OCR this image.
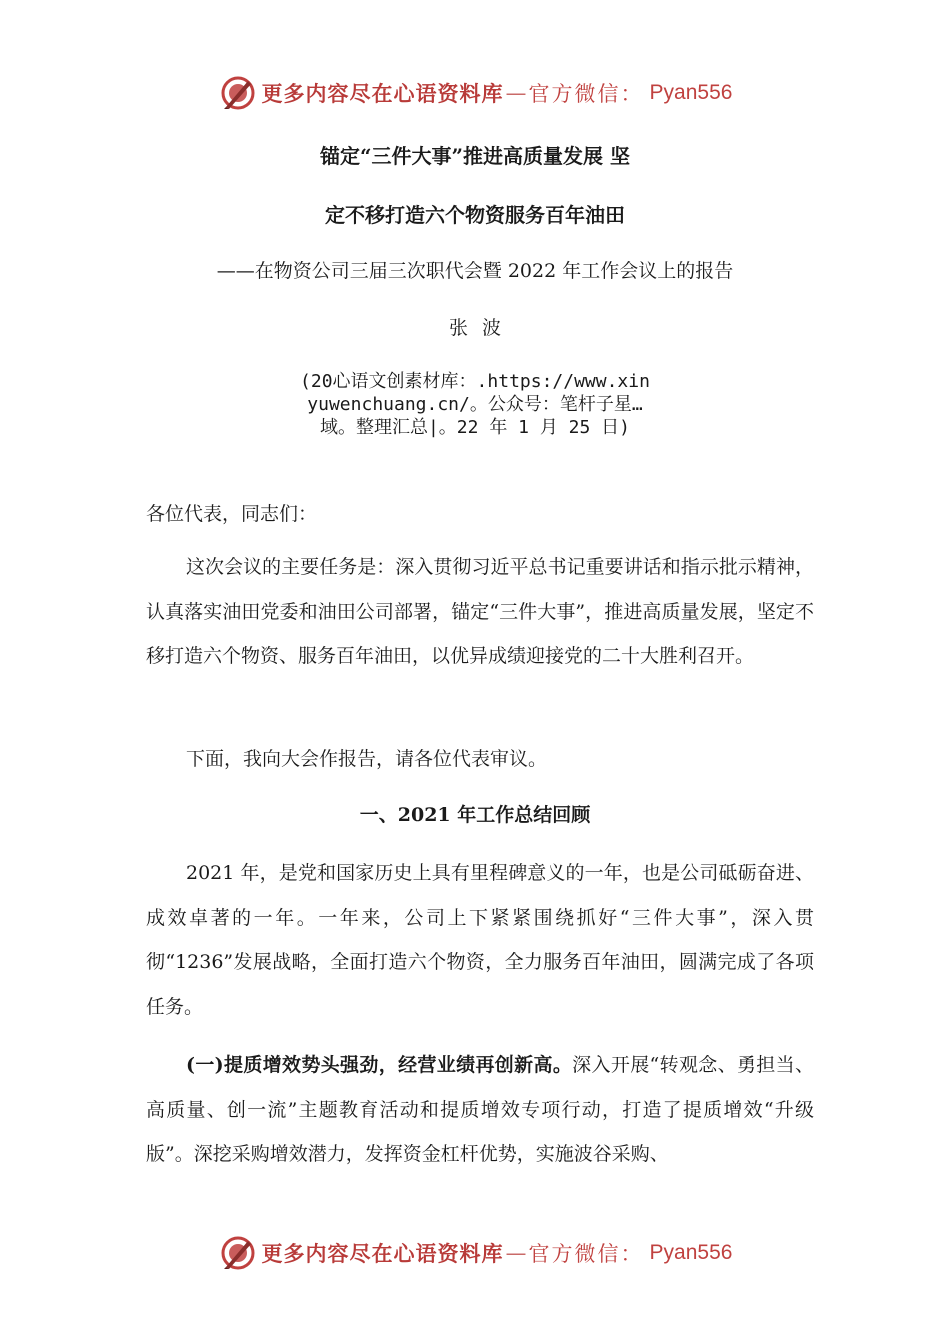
更多内容尽在心语资料库 — 官方微信： Pyan556
锚定“三件大事”推进高质量发展 坚
定不移打造六个物资服务百年油田
——在物资公司三届三次职代会暨 2022 年工作会议上的报告
张波
(20心语文创素材库：.https://www.xinyuwenchuang.cn/。公众号：笔杆子星…域。整理汇总|。22 年 1 月 25 日)
各位代表，同志们：
这次会议的主要任务是：深入贯彻习近平总书记重要讲话和指示批示精神，认真落实油田党委和油田公司部署，锚定“三件大事”，推进高质量发展，坚定不移打造六个物资、服务百年油田，以优异成绩迎接党的二十大胜利召开。
下面，我向大会作报告，请各位代表审议。
一、2021 年工作总结回顾
2021 年，是党和国家历史上具有里程碑意义的一年，也是公司砥砺奋进、成效卓著的一年。一年来，公司上下紧紧围绕抓好“三件大事”，深入贯彻“1236”发展战略，全面打造六个物资，全力服务百年油田，圆满完成了各项任务。
(一)提质增效势头强劲，经营业绩再创新高。深入开展“转观念、勇担当、高质量、创一流”主题教育活动和提质增效专项行动，打造了提质增效“升级版”。深挖采购增效潜力，发挥资金杠杆优势，实施波谷采购、
更多内容尽在心语资料库 — 官方微信： Pyan556
